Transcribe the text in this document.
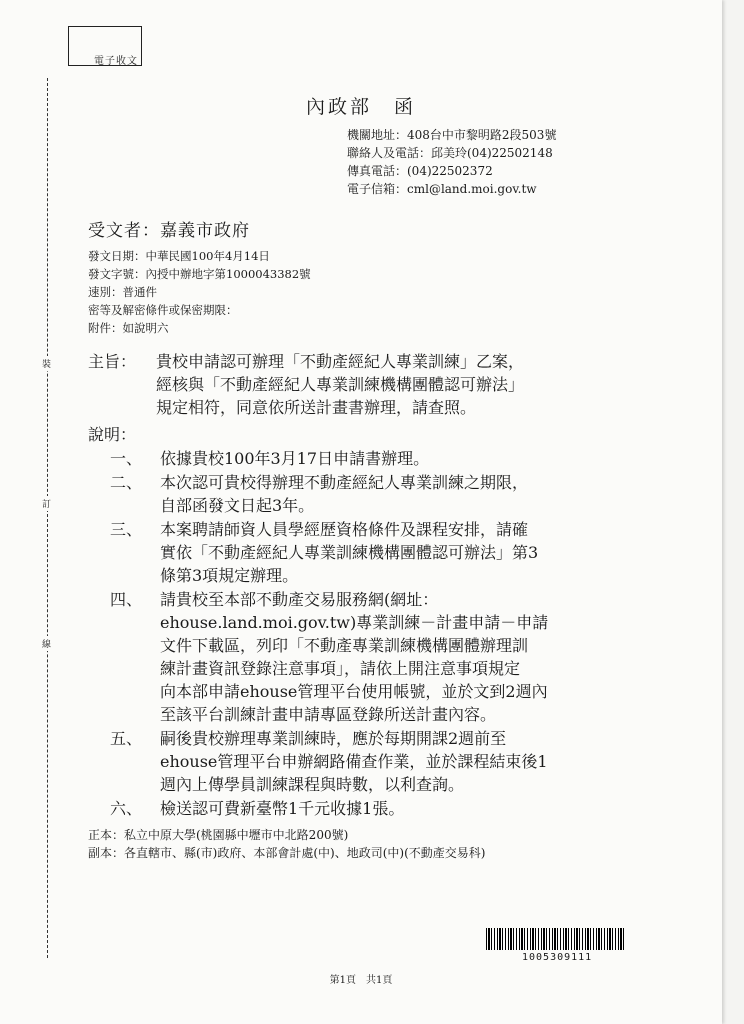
電子收文
裝
訂
線
內政部　函
機關地址：408台中市黎明路2段503號
聯絡人及電話：邱美玲(04)22502148
傳真電話：(04)22502372
電子信箱：cml@land.moi.gov.tw
受文者：嘉義市政府
發文日期：中華民國100年4月14日
發文字號：內授中辦地字第1000043382號
速別：普通件
密等及解密條件或保密期限：
附件：如說明六
主旨：	貴校申請認可辦理「不動產經紀人專業訓練」乙案，
經核與「不動產經紀人專業訓練機構團體認可辦法」
規定相符，同意依所送計畫書辦理，請查照。
說明：
一、	依據貴校100年3月17日申請書辦理。
二、	本次認可貴校得辦理不動產經紀人專業訓練之期限，
自部函發文日起3年。
三、	本案聘請師資人員學經歷資格條件及課程安排，請確
實依「不動產經紀人專業訓練機構團體認可辦法」第3
條第3項規定辦理。
四、	請貴校至本部不動產交易服務網(網址：
ehouse.land.moi.gov.tw)專業訓練－計畫申請－申請
文件下載區，列印「不動產專業訓練機構團體辦理訓
練計畫資訊登錄注意事項」，請依上開注意事項規定
向本部申請ehouse管理平台使用帳號，並於文到2週內
至該平台訓練計畫申請專區登錄所送計畫內容。
五、	嗣後貴校辦理專業訓練時，應於每期開課2週前至
ehouse管理平台申辦網路備查作業，並於課程結束後1
週內上傳學員訓練課程與時數，以利查詢。
六、	檢送認可費新臺幣1千元收據1張。
正本：私立中原大學(桃園縣中壢市中北路200號)
副本：各直轄市、縣(市)政府、本部會計處(中)、地政司(中)(不動產交易科)
1005309111
第1頁　共1頁
